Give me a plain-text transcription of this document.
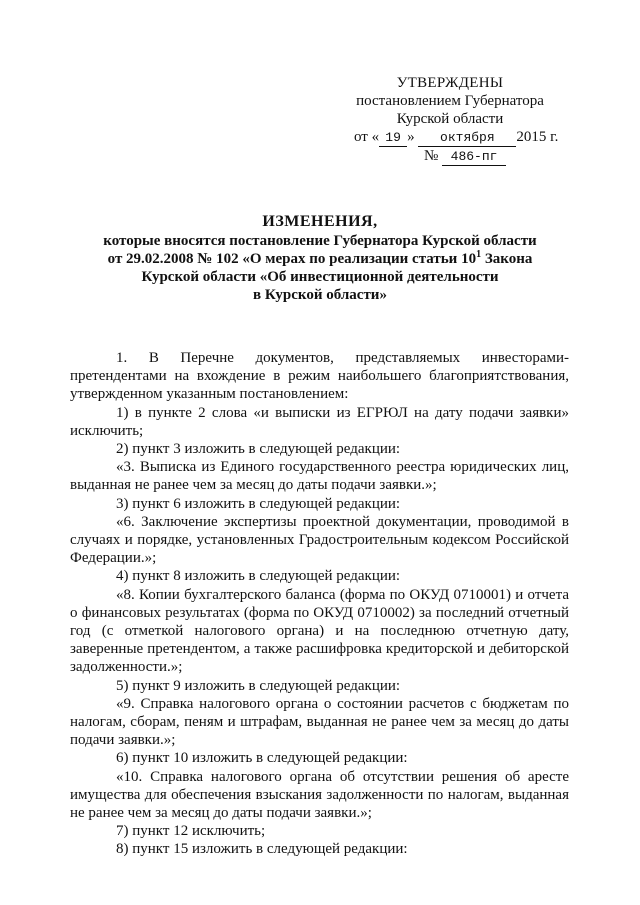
УТВЕРЖДЕНЫ
постановлением Губернатора
Курской области
от « 19 » октября 2015 г.
№ 486-пг
ИЗМЕНЕНИЯ,
которые вносятся постановление Губернатора Курской области
от 29.02.2008 № 102 «О мерах по реализации статьи $10^1$ Закона
Курской области «Об инвестиционной деятельности
в Курской области»

1. В Перечне документов, представляемых инвесторами-претендентами на вхождение в режим наибольшего благоприятствования, утвержденном указанным постановлением:

1) в пункте 2 слова «и выписки из ЕГРЮЛ на дату подачи заявки» исключить;

2) пункт 3 изложить в следующей редакции:

«3. Выписка из Единого государственного реестра юридических лиц, выданная не ранее чем за месяц до даты подачи заявки.»;

3) пункт 6 изложить в следующей редакции:

«6. Заключение экспертизы проектной документации, проводимой в случаях и порядке, установленных Градостроительным кодексом Российской Федерации.»;

4) пункт 8 изложить в следующей редакции:

«8. Копии бухгалтерского баланса (форма по ОКУД 0710001) и отчета о финансовых результатах (форма по ОКУД 0710002) за последний отчетный год (с отметкой налогового органа) и на последнюю отчетную дату, заверенные претендентом, а также расшифровка кредиторской и дебиторской задолженности.»;

5) пункт 9 изложить в следующей редакции:

«9. Справка налогового органа о состоянии расчетов с бюджетам по налогам, сборам, пеням и штрафам, выданная не ранее чем за месяц до даты подачи заявки.»;

6) пункт 10 изложить в следующей редакции:

«10. Справка налогового органа об отсутствии решения об аресте имущества для обеспечения взыскания задолженности по налогам, выданная не ранее чем за месяц до даты подачи заявки.»;

7) пункт 12 исключить;

8) пункт 15 изложить в следующей редакции:
